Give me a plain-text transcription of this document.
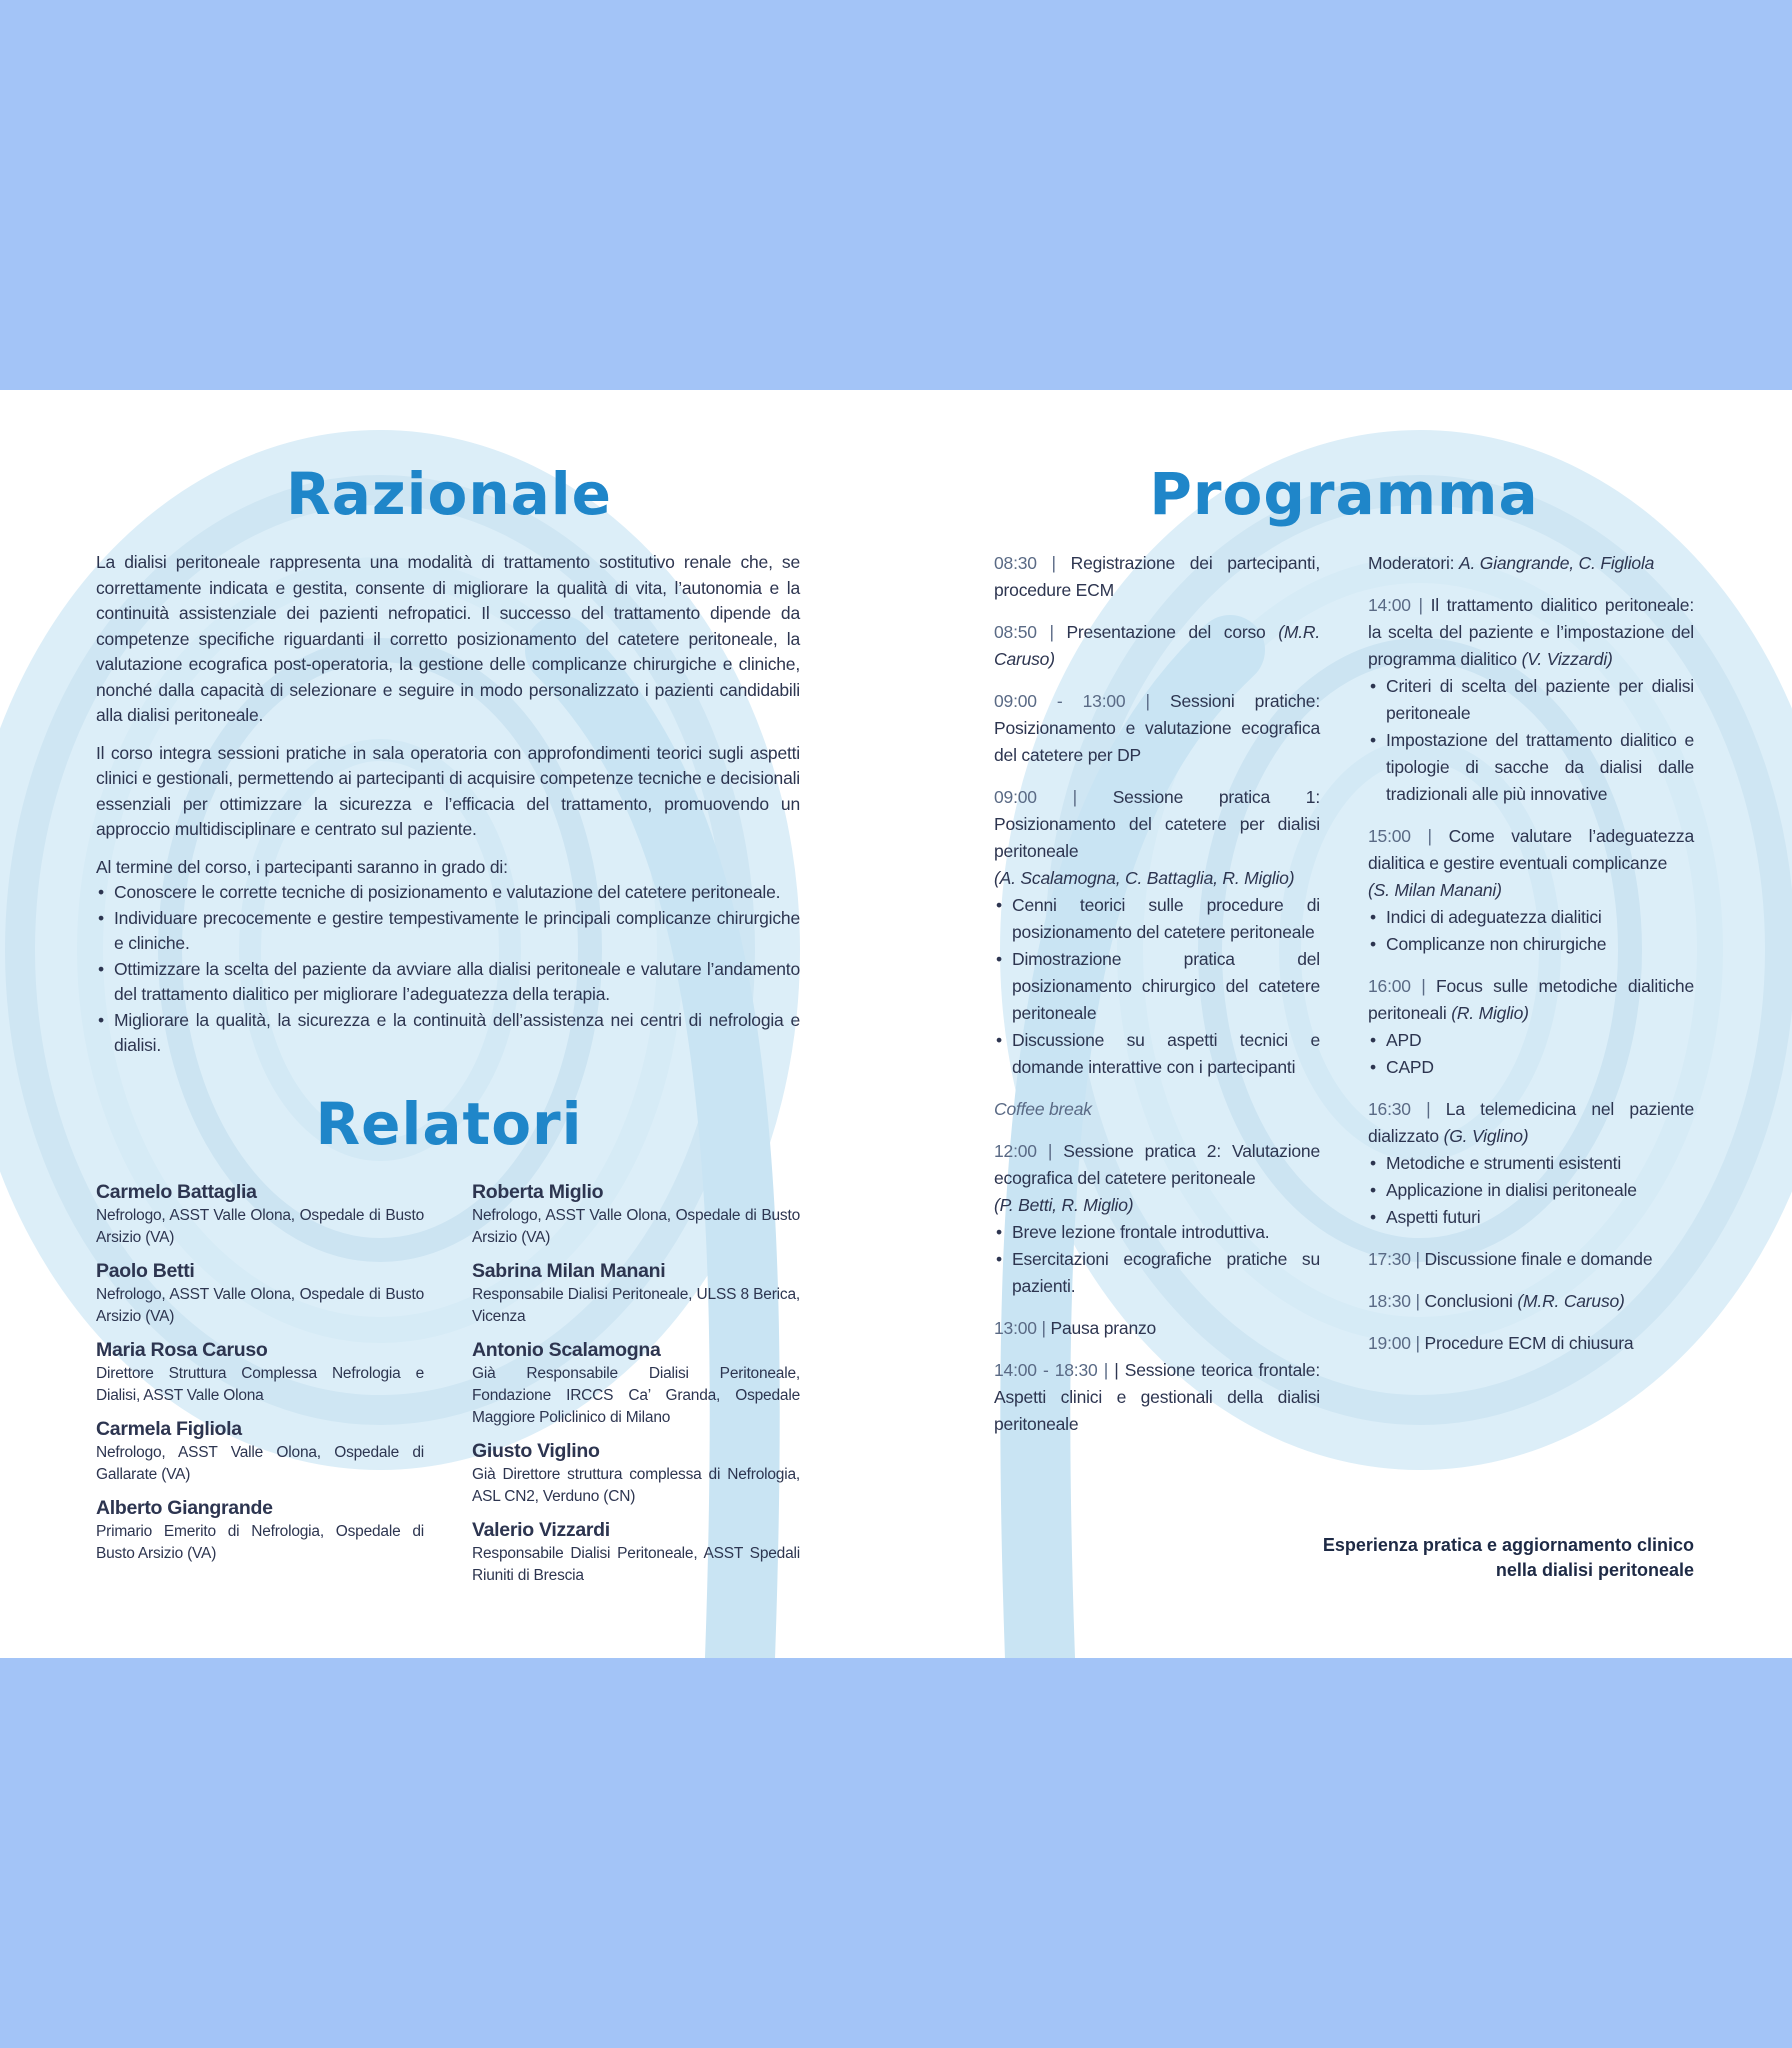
Razionale

La dialisi peritoneale rappresenta una modalità di trattamento sostitutivo renale che, se correttamente indicata e gestita, consente di migliorare la qualità di vita, l’autonomia e la continuità assistenziale dei pazienti nefropatici. Il successo del trattamento dipende da competenze specifiche riguardanti il corretto posizionamento del catetere peritoneale, la valutazione ecografica post-operatoria, la gestione delle complicanze chirurgiche e cliniche, nonché dalla capacità di selezionare e seguire in modo personalizzato i pazienti candidabili alla dialisi peritoneale.

Il corso integra sessioni pratiche in sala operatoria con approfondimenti teorici sugli aspetti clinici e gestionali, permettendo ai partecipanti di acquisire competenze tecniche e decisionali essenziali per ottimizzare la sicurezza e l’efficacia del trattamento, promuovendo un approccio multidisciplinare e centrato sul paziente.

Al termine del corso, i partecipanti saranno in grado di:
• Conoscere le corrette tecniche di posizionamento e valutazione del catetere peritoneale.
• Individuare precocemente e gestire tempestivamente le principali complicanze chirurgiche e cliniche.
• Ottimizzare la scelta del paziente da avviare alla dialisi peritoneale e valutare l’andamento del trattamento dialitico per migliorare l’adeguatezza della terapia.
• Migliorare la qualità, la sicurezza e la continuità dell’assistenza nei centri di nefrologia e dialisi.
Relatori
Carmelo Battaglia
Nefrologo, ASST Valle Olona, Ospedale di Busto Arsizio (VA)
Paolo Betti
Nefrologo, ASST Valle Olona, Ospedale di Busto Arsizio (VA)
Maria Rosa Caruso
Direttore Struttura Complessa Nefrologia e Dialisi, ASST Valle Olona
Carmela Figliola
Nefrologo, ASST Valle Olona, Ospedale di Gallarate (VA)
Alberto Giangrande
Primario Emerito di Nefrologia, Ospedale di Busto Arsizio (VA)
Roberta Miglio
Nefrologo, ASST Valle Olona, Ospedale di Busto Arsizio (VA)
Sabrina Milan Manani
Responsabile Dialisi Peritoneale, ULSS 8 Berica, Vicenza
Antonio Scalamogna
Già Responsabile Dialisi Peritoneale, Fondazione IRCCS Ca’ Granda, Ospedale Maggiore Policlinico di Milano
Giusto Viglino
Già Direttore struttura complessa di Nefrologia, ASL CN2, Verduno (CN)
Valerio Vizzardi
Responsabile Dialisi Peritoneale, ASST Spedali Riuniti di Brescia
Programma
08:30 | Registrazione dei partecipanti, procedure ECM
08:50 | Presentazione del corso (M.R. Caruso)
09:00 - 13:00 | Sessioni pratiche: Posizionamento e valutazione ecografica del catetere per DP
09:00 | Sessione pratica 1: Posizionamento del catetere per dialisi peritoneale
(A. Scalamogna, C. Battaglia, R. Miglio)
• Cenni teorici sulle procedure di posizionamento del catetere peritoneale
• Dimostrazione pratica del posizionamento chirurgico del catetere peritoneale
• Discussione su aspetti tecnici e domande interattive con i partecipanti
Coffee break
12:00 | Sessione pratica 2: Valutazione ecografica del catetere peritoneale
(P. Betti, R. Miglio)
• Breve lezione frontale introduttiva.
• Esercitazioni ecografiche pratiche su pazienti.
13:00 | Pausa pranzo
14:00 - 18:30 | | Sessione teorica frontale: Aspetti clinici e gestionali della dialisi peritoneale
Moderatori: A. Giangrande, C. Figliola
14:00 | Il trattamento dialitico peritoneale: la scelta del paziente e l’impostazione del programma dialitico (V. Vizzardi)
• Criteri di scelta del paziente per dialisi peritoneale
• Impostazione del trattamento dialitico e tipologie di sacche da dialisi dalle tradizionali alle più innovative
15:00 | Come valutare l’adeguatezza dialitica e gestire eventuali complicanze
(S. Milan Manani)
• Indici di adeguatezza dialitici
• Complicanze non chirurgiche
16:00 | Focus sulle metodiche dialitiche peritoneali (R. Miglio)
• APD
• CAPD
16:30 | La telemedicina nel paziente dializzato (G. Viglino)
• Metodiche e strumenti esistenti
• Applicazione in dialisi peritoneale
• Aspetti futuri
17:30 | Discussione finale e domande
18:30 | Conclusioni (M.R. Caruso)
19:00 | Procedure ECM di chiusura
Esperienza pratica e aggiornamento clinico
nella dialisi peritoneale
